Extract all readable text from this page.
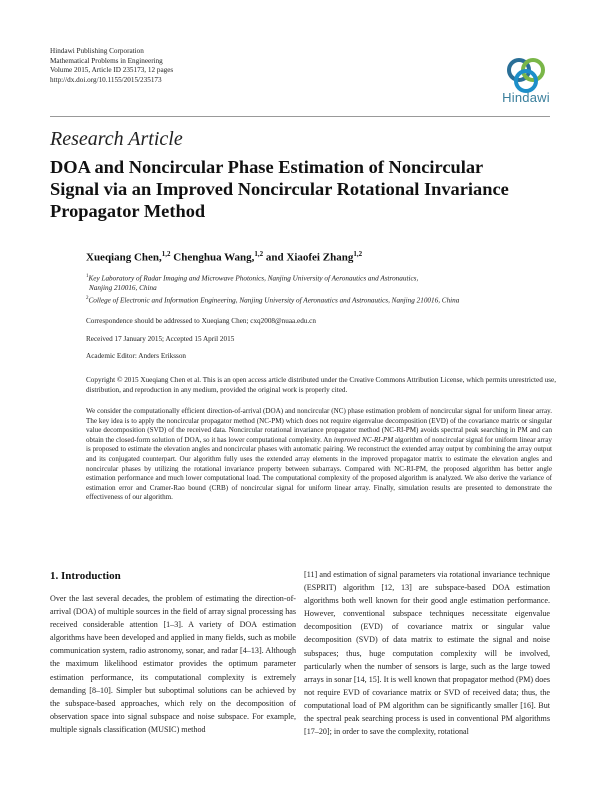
Hindawi Publishing Corporation
Mathematical Problems in Engineering
Volume 2015, Article ID 235173, 12 pages
http://dx.doi.org/10.1155/2015/235173
Hindawi
Research Article
DOA and Noncircular Phase Estimation of Noncircular Signal via an Improved Noncircular Rotational Invariance Propagator Method
Xueqiang Chen,$^{1,2}$ Chenghua Wang,$^{1,2}$ and Xiaofei Zhang$^{1,2}$
$^1$Key Laboratory of Radar Imaging and Microwave Photonics, Nanjing University of Aeronautics and Astronautics,
Nanjing 210016, China
$^2$College of Electronic and Information Engineering, Nanjing University of Aeronautics and Astronautics, Nanjing 210016, China
Correspondence should be addressed to Xueqiang Chen; cxq2008@nuaa.edu.cn
Received 17 January 2015; Accepted 15 April 2015
Academic Editor: Anders Eriksson
Copyright © 2015 Xueqiang Chen et al. This is an open access article distributed under the Creative Commons Attribution License, which permits unrestricted use, distribution, and reproduction in any medium, provided the original work is properly cited.
We consider the computationally efficient direction-of-arrival (DOA) and noncircular (NC) phase estimation problem of noncircular signal for uniform linear array. The key idea is to apply the noncircular propagator method (NC-PM) which does not require eigenvalue decomposition (EVD) of the covariance matrix or singular value decomposition (SVD) of the received data. Noncircular rotational invariance propagator method (NC-RI-PM) avoids spectral peak searching in PM and can obtain the closed-form solution of DOA, so it has lower computational complexity. An improved NC-RI-PM algorithm of noncircular signal for uniform linear array is proposed to estimate the elevation angles and noncircular phases with automatic pairing. We reconstruct the extended array output by combining the array output and its conjugated counterpart. Our algorithm fully uses the extended array elements in the improved propagator matrix to estimate the elevation angles and noncircular phases by utilizing the rotational invariance property between subarrays. Compared with NC-RI-PM, the proposed algorithm has better angle estimation performance and much lower computational load. The computational complexity of the proposed algorithm is analyzed. We also derive the variance of estimation error and Cramer-Rao bound (CRB) of noncircular signal for uniform linear array. Finally, simulation results are presented to demonstrate the effectiveness of our algorithm.
1. Introduction
Over the last several decades, the problem of estimating the direction-of-arrival (DOA) of multiple sources in the field of array signal processing has received considerable attention [1–3]. A variety of DOA estimation algorithms have been developed and applied in many fields, such as mobile communication system, radio astronomy, sonar, and radar [4–13]. Although the maximum likelihood estimator provides the optimum parameter estimation performance, its computational complexity is extremely demanding [8–10]. Simpler but suboptimal solutions can be achieved by the subspace-based approaches, which rely on the decomposition of observation space into signal subspace and noise subspace. For example, multiple signals classification (MUSIC) method
[11] and estimation of signal parameters via rotational invariance technique (ESPRIT) algorithm [12, 13] are subspace-based DOA estimation algorithms both well known for their good angle estimation performance. However, conventional subspace techniques necessitate eigenvalue decomposition (EVD) of covariance matrix or singular value decomposition (SVD) of data matrix to estimate the signal and noise subspaces; thus, huge computation complexity will be involved, particularly when the number of sensors is large, such as the large towed arrays in sonar [14, 15]. It is well known that propagator method (PM) does not require EVD of covariance matrix or SVD of received data; thus, the computational load of PM algorithm can be significantly smaller [16]. But the spectral peak searching process is used in conventional PM algorithms [17–20]; in order to save the complexity, rotational
